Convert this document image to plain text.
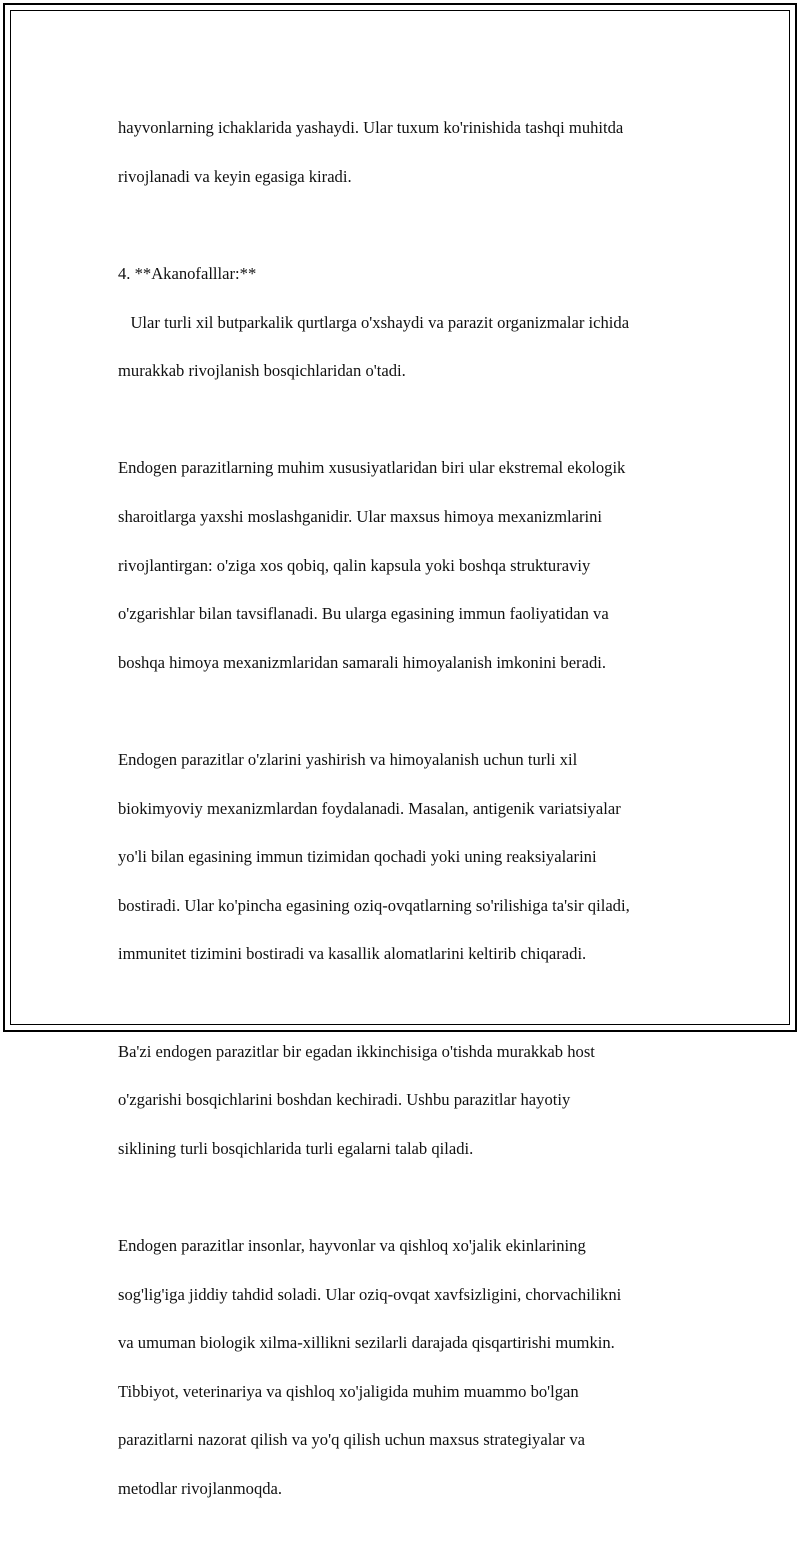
hayvonlarning ichaklarida yashaydi. Ular tuxum ko'rinishida tashqi muhitda

rivojlanadi va keyin egasiga kiradi.

4. **Akanofalllar:**

Ular turli xil butparkalik qurtlarga o'xshaydi va parazit organizmalar ichida

murakkab rivojlanish bosqichlaridan o'tadi.

Endogen parazitlarning muhim xususiyatlaridan biri ular ekstremal ekologik

sharoitlarga yaxshi moslashganidir. Ular maxsus himoya mexanizmlarini

rivojlantirgan: o'ziga xos qobiq, qalin kapsula yoki boshqa strukturaviy

o'zgarishlar bilan tavsiflanadi. Bu ularga egasining immun faoliyatidan va

boshqa himoya mexanizmlaridan samarali himoyalanish imkonini beradi.

Endogen parazitlar o'zlarini yashirish va himoyalanish uchun turli xil

biokimyoviy mexanizmlardan foydalanadi. Masalan, antigenik variatsiyalar

yo'li bilan egasining immun tizimidan qochadi yoki uning reaksiyalarini

bostiradi. Ular ko'pincha egasining oziq-ovqatlarning so'rilishiga ta'sir qiladi,

immunitet tizimini bostiradi va kasallik alomatlarini keltirib chiqaradi.

Ba'zi endogen parazitlar bir egadan ikkinchisiga o'tishda murakkab host

o'zgarishi bosqichlarini boshdan kechiradi. Ushbu parazitlar hayotiy

siklining turli bosqichlarida turli egalarni talab qiladi.

Endogen parazitlar insonlar, hayvonlar va qishloq xo'jalik ekinlarining

sog'lig'iga jiddiy tahdid soladi. Ular oziq-ovqat xavfsizligini, chorvachilikni

va umuman biologik xilma-xillikni sezilarli darajada qisqartirishi mumkin.

Tibbiyot, veterinariya va qishloq xo'jaligida muhim muammo bo'lgan

parazitlarni nazorat qilish va yo'q qilish uchun maxsus strategiyalar va

metodlar rivojlanmoqda.
